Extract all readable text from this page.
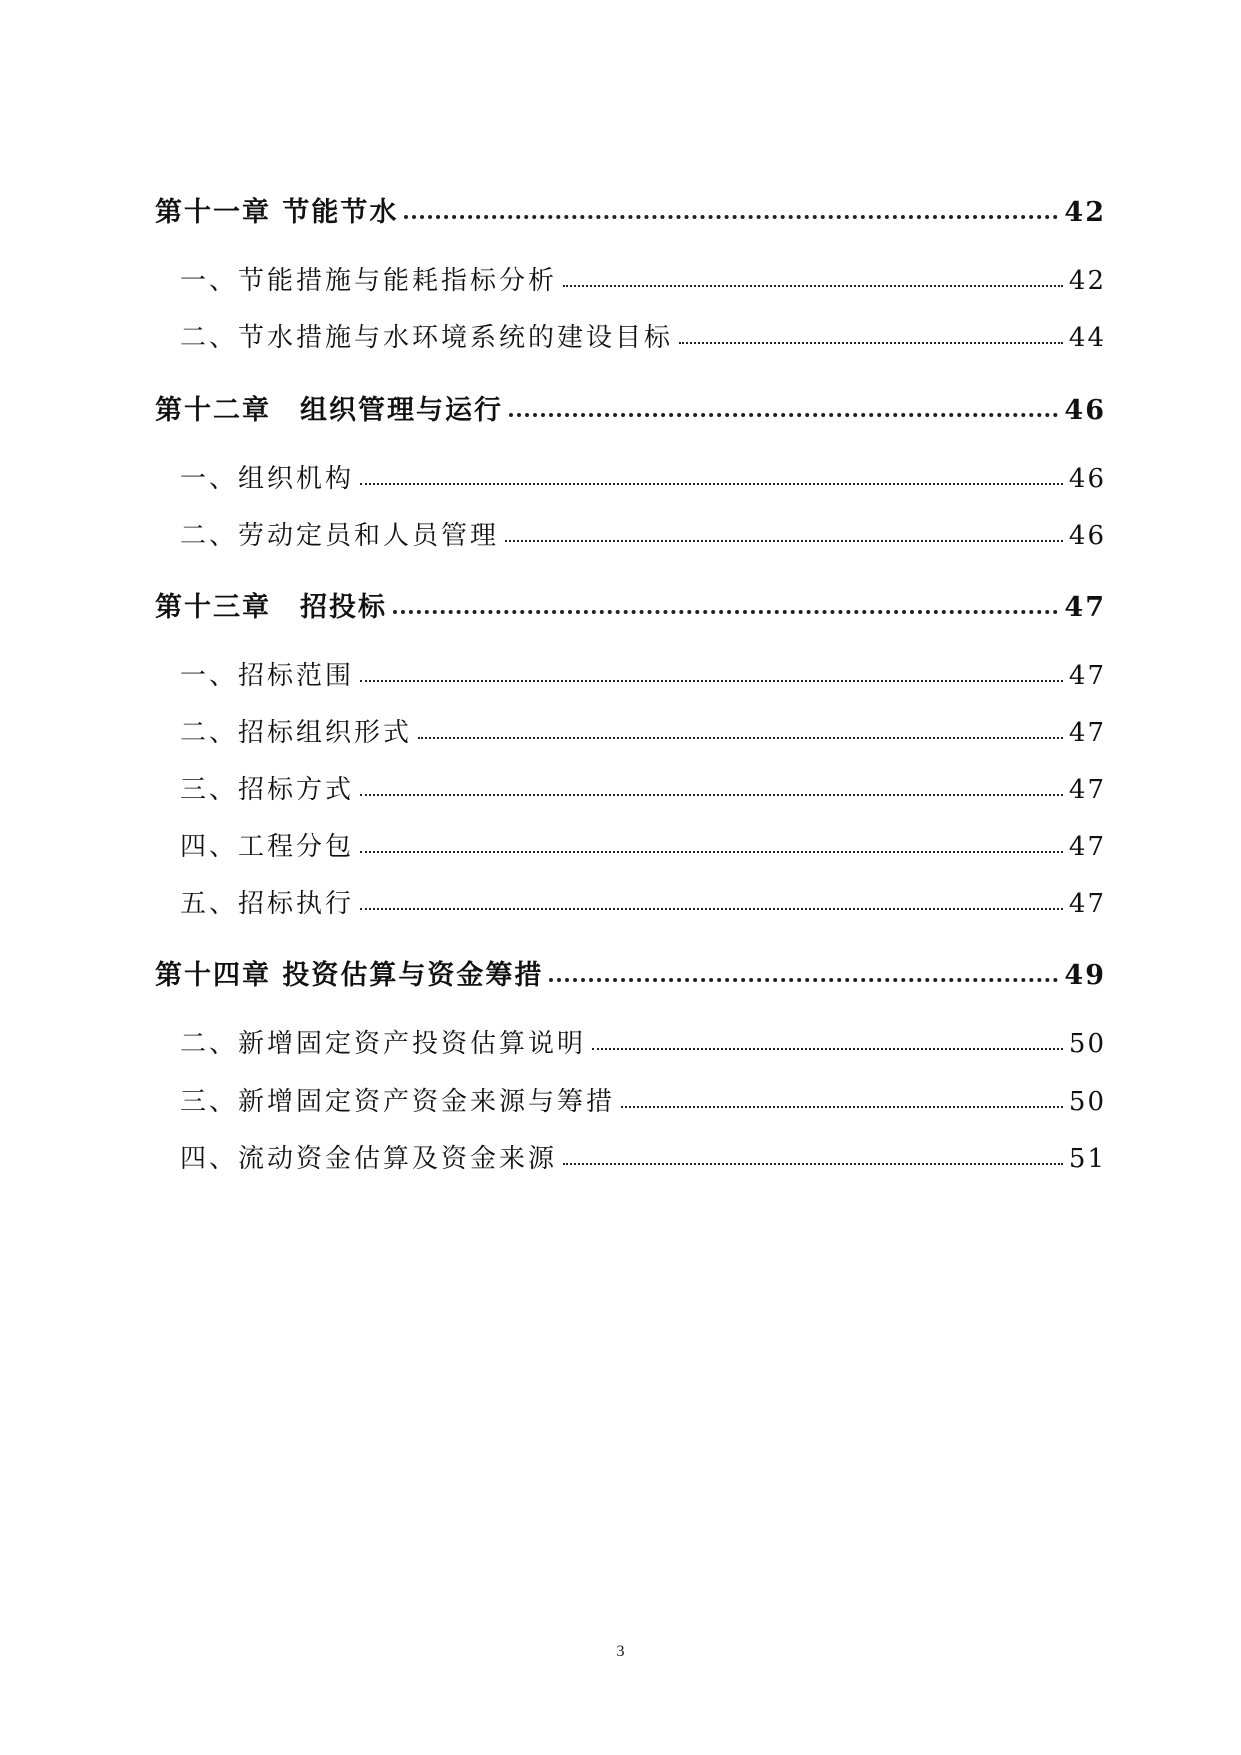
第十一章 节能节水	42
一、节能措施与能耗指标分析	42
二、节水措施与水环境系统的建设目标	44
第十二章　组织管理与运行	46
一、组织机构	46
二、劳动定员和人员管理	46
第十三章　招投标	47
一、招标范围	47
二、招标组织形式	47
三、招标方式	47
四、工程分包	47
五、招标执行	47
第十四章 投资估算与资金筹措	49
二、新增固定资产投资估算说明	50
三、新增固定资产资金来源与筹措	50
四、流动资金估算及资金来源	51
3
